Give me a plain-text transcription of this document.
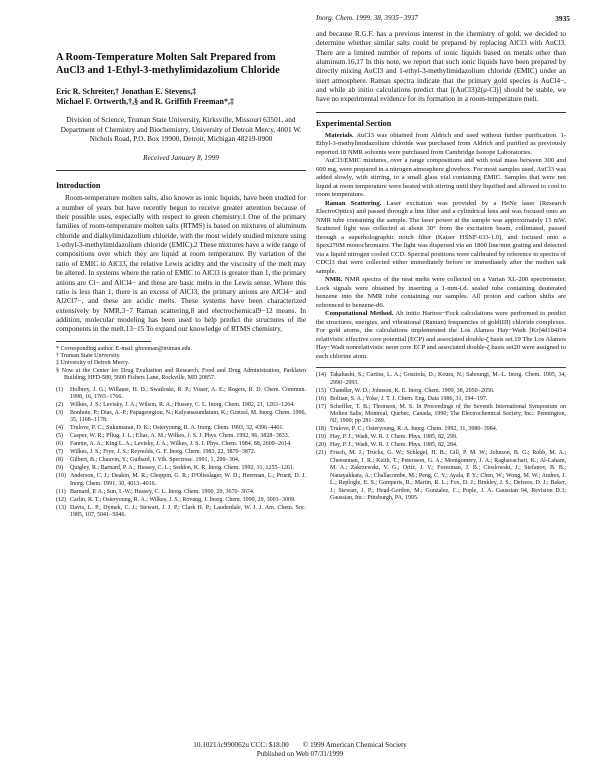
Inorg. Chem. 1999, 38, 3935−3937	3935
A Room-Temperature Molten Salt Prepared from AuCl3 and 1-Ethyl-3-methylimidazolium Chloride
Eric R. Schreiter,† Jonathan E. Stevens,‡
Michael F. Ortwerth,†,§ and R. Griffith Freeman*,‡
Division of Science, Truman State University, Kirksville, Missouri 63501, and
Department of Chemistry and Biochemistry, University of Detroit Mercy, 4001 W. Nichols Road, P.O. Box 19900, Detroit, Michigan 48219-0900
Received January 8, 1999
Introduction

Room-temperature molten salts, also known as ionic liquids, have been studied for a number of years but have recently begun to receive greater attention because of their possible uses, especially with respect to green chemistry.1 One of the primary families of room-temperature molten salts (RTMS) is based on mixtures of aluminum chloride and dialkylimidazolium chloride, with the most widely studied mixture using 1-ethyl-3-methylimidazolium chloride (EMIC).2 These mixtures have a wide range of compositions over which they are liquid at room temperature. By variation of the ratio of EMIC to AlCl3, the relative Lewis acidity and the viscosity of the melt may be altered. In systems where the ratio of EMIC to AlCl3 is greater than 1, the primary anions are Cl− and AlCl4− and these are basic melts in the Lewis sense. Where this ratio is less than 1, there is an excess of AlCl3, the primary anions are AlCl4− and Al2Cl7−, and these are acidic melts. These systems have been characterized extensively by NMR,3−7 Raman scattering,8 and electrochemical9−12 means. In addition, molecular modeling has been used to help predict the structures of the components in the melt.13−15 To expand our knowledge of RTMS chemistry,

* Corresponding author. E-mail: gfreeman@truman.edu.
† Truman State University.
‡ University of Detroit Mercy.
§ Now at the Center for Drug Evaluation and Research, Food and Drug Administration, Parklawn Building, HFD-580, 5600 Fishers Lane, Rockville, MD 20857.
(1)	Holbrey, J. G.; Willauer, H. D.; Swatloski, R. P.; Visser, A. E.; Rogers, R. D. Chem. Commun. 1998, 16, 1765−1766.
(2)	Wilkes, J. S.; Levisky, J. A.; Wilson, R. A.; Hussey, C. L. Inorg. Chem. 1982, 21, 1263−1264.
(3)	Bonhote, P.; Dias, A.-P.; Papageorgiou, N.; Kalyanasundaram, K.; Gratzel, M. Inorg. Chem. 1996, 35, 1168−1178.
(4)	Trulove, P. C.; Sukumaran, D. K.; Osteryoung, R. A. Inorg. Chem. 1993, 32, 4396−4401.
(5)	Casper, W. R.; Pflug, J. L.; Elias, A. M.; Wilkes, J. S. J. Phys. Chem. 1992, 96, 3828−3833.
(6)	Fannin, A. A.; King L. A.; Levisky, J. A.; Wilkes, J. S. J. Phys. Chem. 1984, 88, 2609−2614.
(7)	Wilkes, J. S.; Frye, J. S.; Reynolds, G. F. Inorg. Chem. 1983, 22, 3870−3872.
(8)	Gilbert, B.; Chauvin, Y.; Guibard, I. Vib. Spectrosc. 1991, 1, 299−304.
(9)	Quigley, R.; Barnard, P. A.; Hussey, C. L.; Seddon, K. R. Inorg. Chem. 1992, 31, 1255−1261.
(10) Anderson, C. J.; Deakin, M. R.; Choppin, G. R.; D'Olieslager, W. D.; Heerman, L.; Pruett, D. J. Inorg. Chem. 1991, 30, 4013−4016.
(11) Barnard, P. A.; Sun, I.-W.; Hussey, C. L. Inorg. Chem. 1990, 29, 3670−3674.
(12) Carlin, R. T.; Osteryoung, R. A.; Wilkes, J. S.; Rovang, J. Inorg. Chem. 1990, 29, 3003−3009.
(13) Davis, L. P.; Dymek, C. J.; Stewart, J. J. P.; Clark H. P.; Lauderdale, W. J. J. Am. Chem. Soc. 1985, 107, 5041−5046.

and because R.G.F. has a previous interest in the chemistry of gold, we decided to determine whether similar salts could be prepared by replacing AlCl3 with AuCl3. There are a limited number of reports of ionic liquids based on metals other than aluminum.16,17 In this note, we report that such ionic liquids have been prepared by directly mixing AuCl3 and 1-ethyl-3-methylimidazolium chloride (EMIC) under an inert atmosphere. Raman spectra indicate that the primary gold species is AuCl4−, and while ab initio calculations predict that [(AuCl3)2(μ-Cl)] should be stable, we have no experimental evidence for its formation in a room-temperature melt.

Experimental Section

Materials. AuCl3 was obtained from Aldrich and used without further purification. 1-Ethyl-3-methylimidazolium chloride was purchased from Aldrich and purified as previously reported.18 NMR solvents were purchased from Cambridge Isotope Laboratories.

AuCl3/EMIC mixtures, over a range compositions and with total mass between 300 and 600 mg, were prepared in a nitrogen atmosphere glovebox. For most samples used, AuCl3 was added slowly, with stirring, to a small glass vial containing EMIC. Samples that were not liquid at room temperature were heated with stirring until they liquified and allowed to cool to room temperature.

Raman Scattering. Laser excitation was provided by a HeNe laser (Research ElectroOptics) and passed through a line filter and a cylindrical lens and was focused onto an NMR tube containing the sample. The laser power at the sample was approximately 15 mW. Scattered light was collected at about 30° from the excitation beam, collimated, passed through a superholographic notch filter (Kaiser HSNF-633-1.0), and focused onto a Spex270M monochromator. The light was dispersed via an 1800 line/mm grating and detected via a liquid nitrogen cooled CCD. Spectral positions were calibrated by reference to spectra of CDCl3 that were collected either immediately before or immediately after the molten salt sample.

NMR. NMR spectra of the neat melts were collected on a Varian XL-200 spectrometer. Lock signals were obtained by inserting a 1-mm-i.d. sealed tube containing deuterated benzene into the NMR tube containing our samples. All proton and carbon shifts are referenced to benzene-d6.

Computational Method. Ab initio Hartree−Fock calculations were performed to predict the structures, energies, and vibrational (Raman) frequencies of gold(III) chloride complexes. For gold atoms, the calculations implemented the Los Alamos Hay−Wadt [Kr]4d104f14 relativistic effective core potential (ECP) and associated double-ζ basis set.19 The Los Alamos Hay−Wadt nonrelativistic neon core ECP and associated double-ζ basis set20 were assigned to each chlorine atom.

(14) Takahashi, S.; Curtiss, L. A.; Gosztola, D.; Koura, N.; Saboungi, M.-L. Inorg. Chem. 1995, 34, 2990−2993.
(15) Chandler, W. D.; Johnson, K. E. Inorg. Chem. 1999, 38, 2050−2056.
(16) Boltian, S. A.; Yoke, J. T. J. Chem. Eng. Data 1986, 31, 194−197.
(17) Scheffler, T. B.; Thomson, M. S. In Proceedings of the Seventh International Symposium on Molten Salts; Montreal, Quebec, Canada, 1990; The Electrochemical Society, Inc.: Pennington, NJ, 1990; pp 281−289.
(18) Trulove, P. C.; Osteryoung, R. A. Inorg. Chem. 1992, 31, 3980−3984.
(19) Hay, P. J.; Wadt, W. R. J. Chem. Phys. 1985, 82, 299.
(20) Hay, P. J.; Wadt, W. R. J. Chem. Phys. 1985, 82, 284.
(21) Frisch, M. J.; Trucks, G. W.; Schlegel, H. B.; Gill, P. M. W.; Johnson, B. G.; Robb, M. A.; Cheeseman, J. R.; Keith, T.; Petersson, G. A.; Montgomery, J. A.; Raghavachari, K.; Al-Laham, M. A.; Zakrzewski, V. G.; Ortiz, J. V.; Foresman, J. B.; Cioslowski, J.; Stefanov, B. B.; Nanayakkara, A.; Challacombe, M.; Peng, C. Y.; Ayala, P. Y.; Chen, W.; Wong, M. W.; Andres, J. L.; Replogle, E. S.; Gomperts, R.; Martin, R. L.; Fox, D. J.; Binkley, J. S.; Defrees, D. J.; Baker, J.; Stewart, J. P.; Head-Gordon, M.; Gonzalez, C.; Pople, J. A. Gaussian 94, Revision D.3; Gaussian, Inc.: Pittsburgh, PA, 1995.
10.1021/ic990062u CCC: $18.00 © 1999 American Chemical Society
Published on Web 07/31/1999
